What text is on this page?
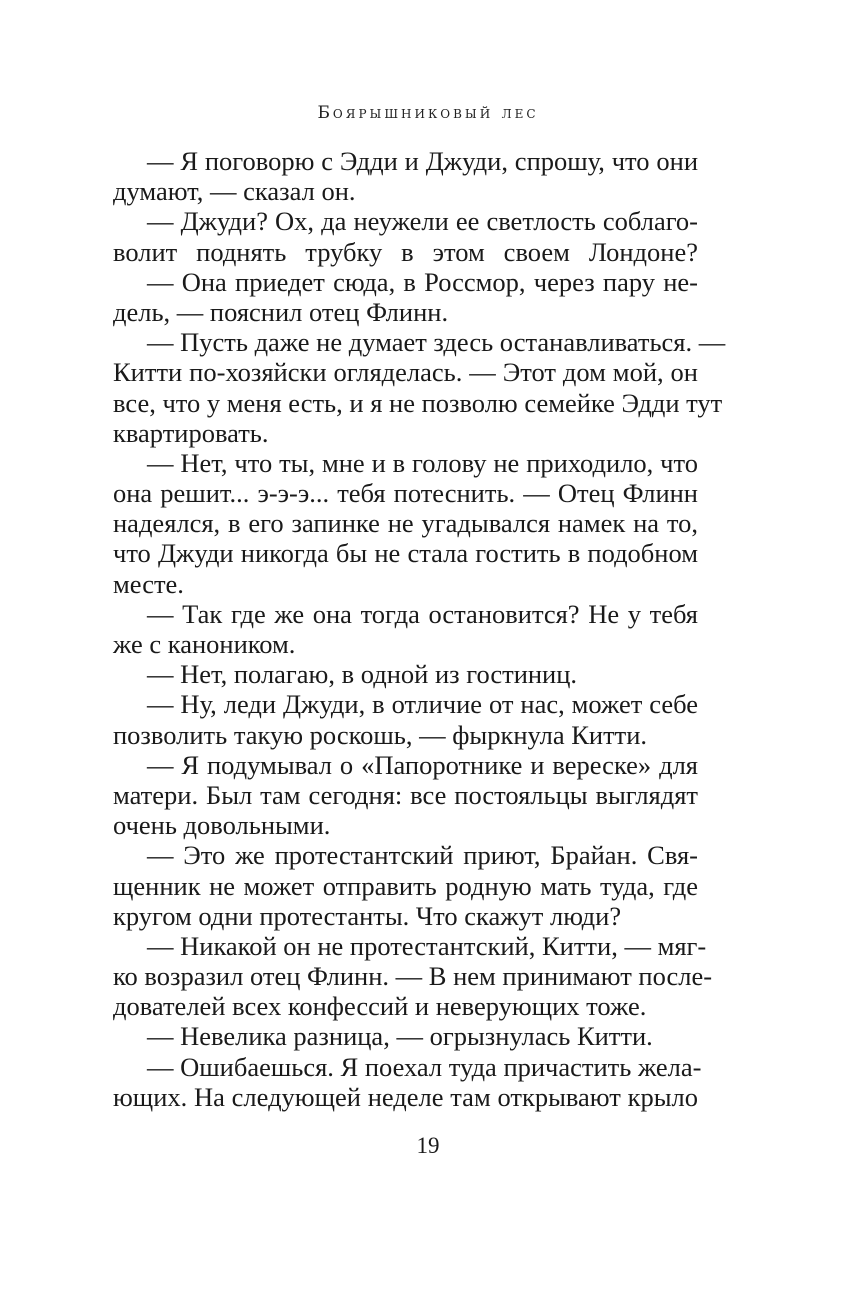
Боярышниковый лес
— Я поговорю с Эдди и Джуди, спрошу, что они
думают, — сказал он.
— Джуди? Ох, да неужели ее светлость соблаго-
волит поднять трубку в этом своем Лондоне?
— Она приедет сюда, в Россмор, через пару не-
дель, — пояснил отец Флинн.
— Пусть даже не думает здесь останавливаться. —
Китти по-хозяйски огляделась. — Этот дом мой, он
все, что у меня есть, и я не позволю семейке Эдди тут
квартировать.
— Нет, что ты, мне и в голову не приходило, что
она решит... э-э-э... тебя потеснить. — Отец Флинн
надеялся, в его запинке не угадывался намек на то,
что Джуди никогда бы не стала гостить в подобном
месте.
— Так где же она тогда остановится? Не у тебя
же с каноником.
— Нет, полагаю, в одной из гостиниц.
— Ну, леди Джуди, в отличие от нас, может себе
позволить такую роскошь, — фыркнула Китти.
— Я подумывал о «Папоротнике и вереске» для
матери. Был там сегодня: все постояльцы выглядят
очень довольными.
— Это же протестантский приют, Брайан. Свя-
щенник не может отправить родную мать туда, где
кругом одни протестанты. Что скажут люди?
— Никакой он не протестантский, Китти, — мяг-
ко возразил отец Флинн. — В нем принимают после-
дователей всех конфессий и неверующих тоже.
— Невелика разница, — огрызнулась Китти.
— Ошибаешься. Я поехал туда причастить жела-
ющих. На следующей неделе там открывают крыло
19
